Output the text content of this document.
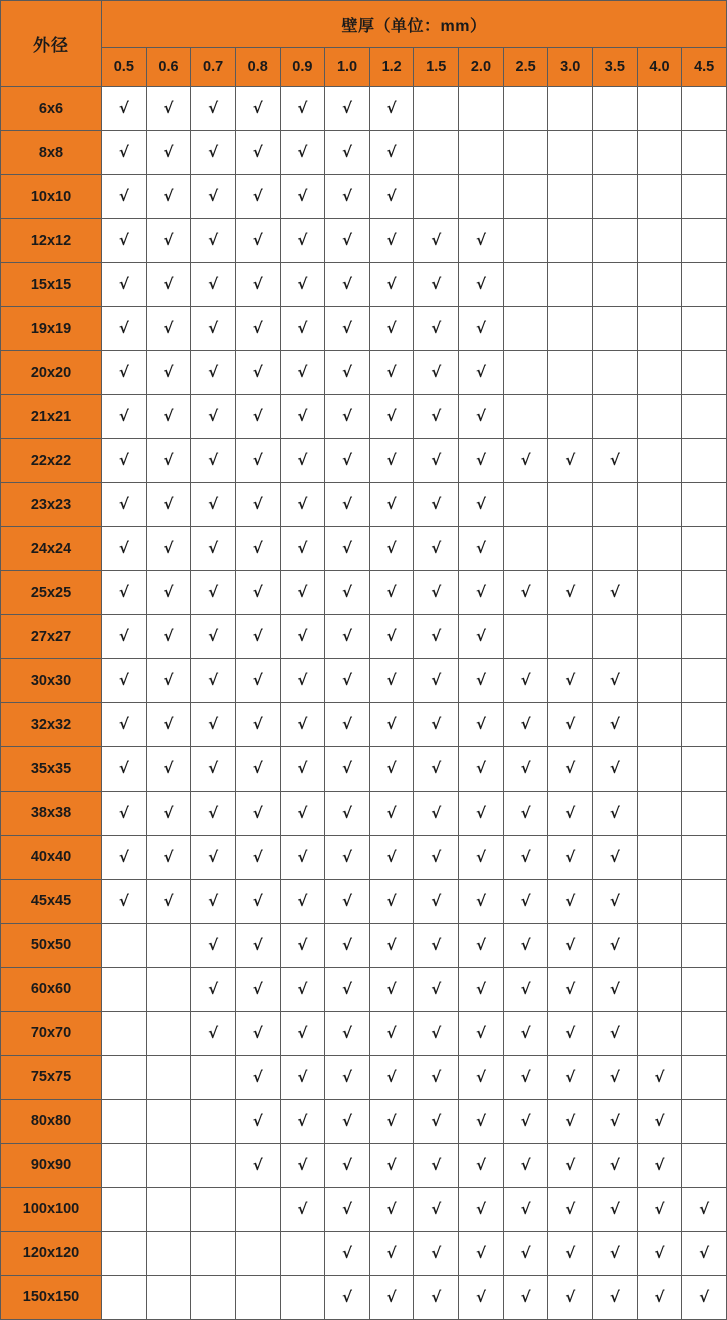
外径	壁厚（单位：mm）													
	0.5	0.6	0.7	0.8	0.9	1.0	1.2	1.5	2.0	2.5	3.0	3.5	4.0	4.5
6x6	√	√	√	√	√	√	√							
8x8	√	√	√	√	√	√	√							
10x10	√	√	√	√	√	√	√							
12x12	√	√	√	√	√	√	√	√	√					
15x15	√	√	√	√	√	√	√	√	√					
19x19	√	√	√	√	√	√	√	√	√					
20x20	√	√	√	√	√	√	√	√	√					
21x21	√	√	√	√	√	√	√	√	√					
22x22	√	√	√	√	√	√	√	√	√	√	√	√		
23x23	√	√	√	√	√	√	√	√	√					
24x24	√	√	√	√	√	√	√	√	√					
25x25	√	√	√	√	√	√	√	√	√	√	√	√		
27x27	√	√	√	√	√	√	√	√	√					
30x30	√	√	√	√	√	√	√	√	√	√	√	√		
32x32	√	√	√	√	√	√	√	√	√	√	√	√		
35x35	√	√	√	√	√	√	√	√	√	√	√	√		
38x38	√	√	√	√	√	√	√	√	√	√	√	√		
40x40	√	√	√	√	√	√	√	√	√	√	√	√		
45x45	√	√	√	√	√	√	√	√	√	√	√	√		
50x50			√	√	√	√	√	√	√	√	√	√		
60x60			√	√	√	√	√	√	√	√	√	√		
70x70			√	√	√	√	√	√	√	√	√	√		
75x75				√	√	√	√	√	√	√	√	√	√	
80x80				√	√	√	√	√	√	√	√	√	√	
90x90				√	√	√	√	√	√	√	√	√	√	
100x100					√	√	√	√	√	√	√	√	√	√
120x120						√	√	√	√	√	√	√	√	√
150x150						√	√	√	√	√	√	√	√	√
